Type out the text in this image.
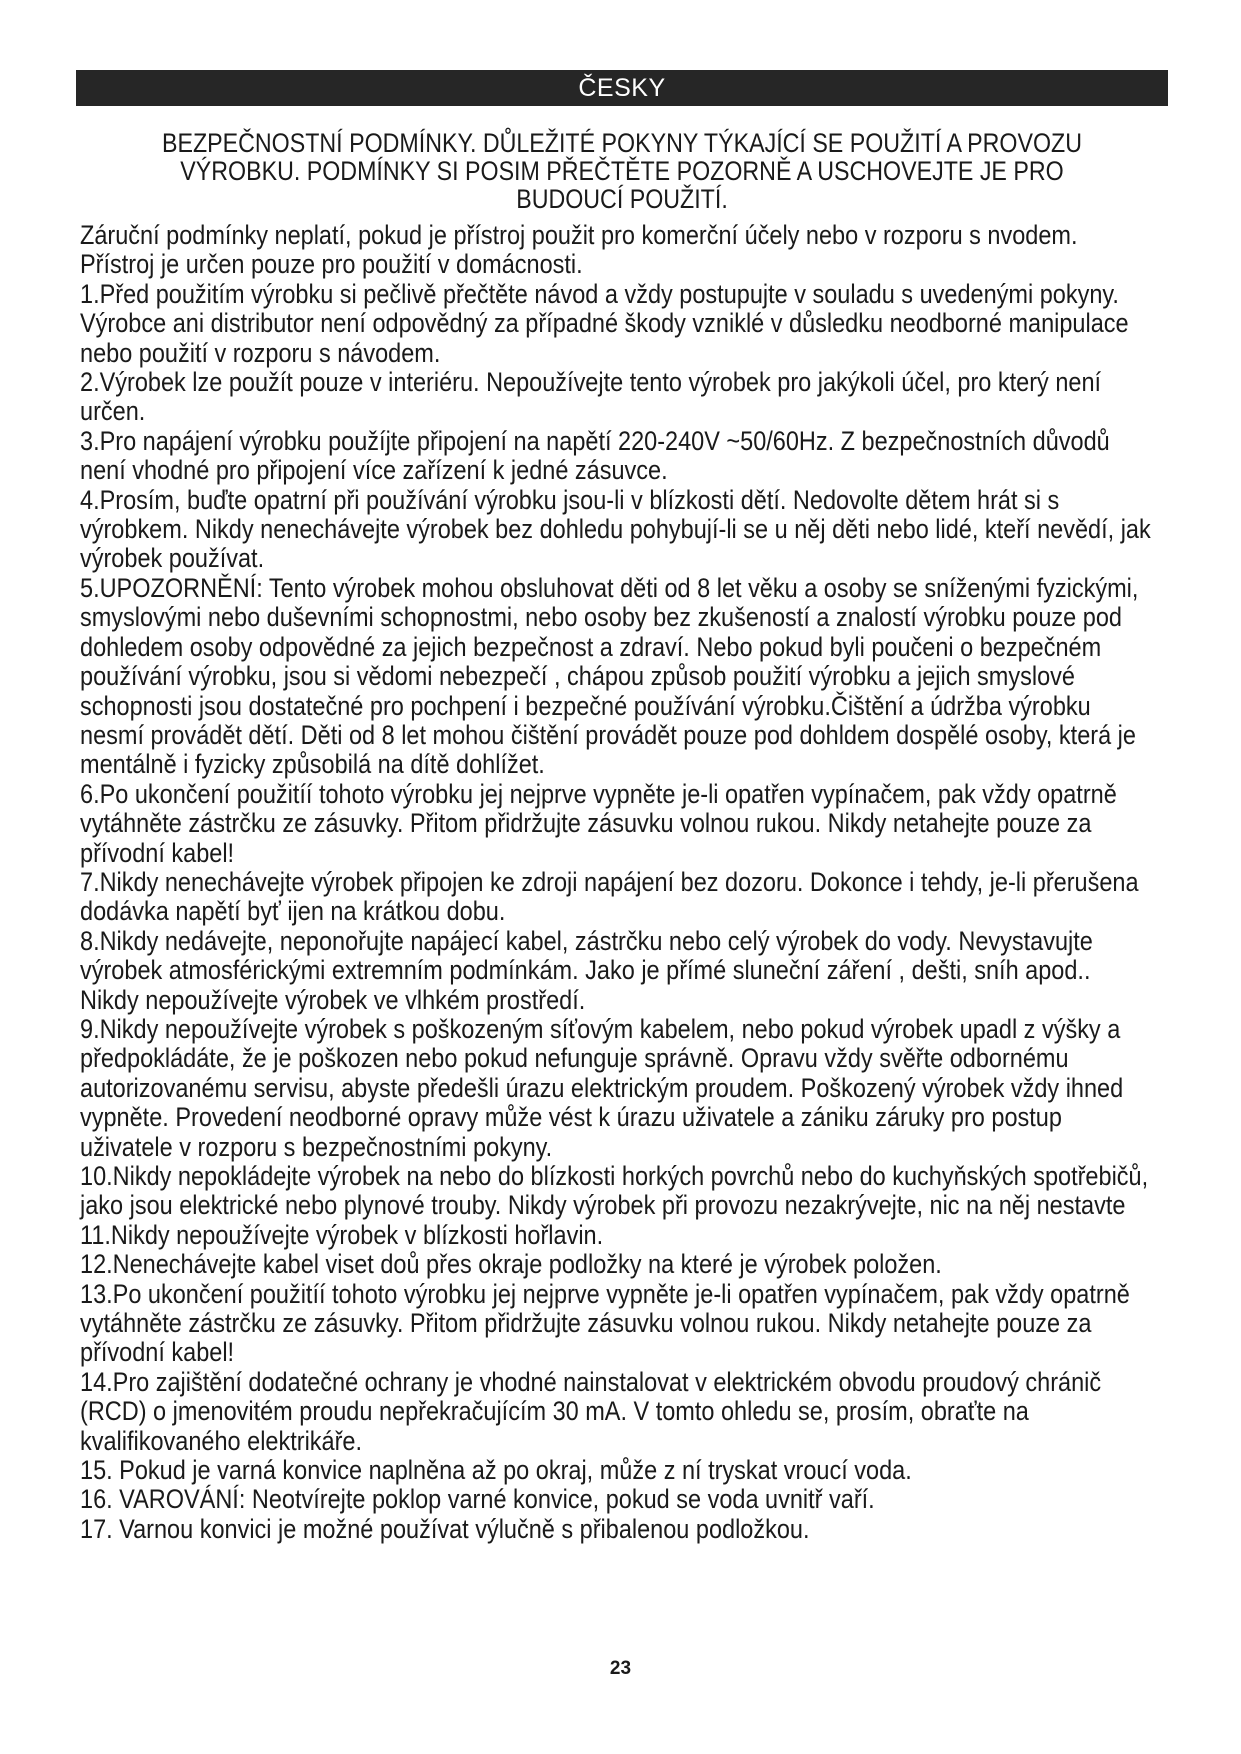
ČESKY
BEZPEČNOSTNÍ PODMÍNKY. DŮLEŽITÉ POKYNY TÝKAJÍCÍ SE POUŽITÍ A PROVOZU VÝROBKU. PODMÍNKY SI POSIM PŘEČTĚTE POZORNĚ A USCHOVEJTE JE PRO BUDOUCÍ POUŽITÍ.

Záruční podmínky neplatí, pokud je přístroj použit pro komerční účely nebo v rozporu s nvodem. Přístroj je určen pouze pro použití v domácnosti.

1.Před použitím výrobku si pečlivě přečtěte návod a vždy postupujte v souladu s uvedenými pokyny. Výrobce ani distributor není odpovědný za případné škody vzniklé v důsledku neodborné manipulace nebo použití v rozporu s návodem.

2.Výrobek lze použít pouze v interiéru. Nepoužívejte tento výrobek pro jakýkoli účel, pro který není určen.

3.Pro napájení výrobku použíjte připojení na napětí 220-240V ~50/60Hz. Z bezpečnostních důvodů není vhodné pro připojení více zařízení k jedné zásuvce.

4.Prosím, buďte opatrní při používání výrobku jsou-li v blízkosti dětí. Nedovolte dětem hrát si s výrobkem. Nikdy nenechávejte výrobek bez dohledu pohybují-li se u něj děti nebo lidé, kteří nevědí, jak výrobek používat.

5.UPOZORNĚNÍ: Tento výrobek mohou obsluhovat děti od 8 let věku a osoby se sníženými fyzickými, smyslovými nebo duševními schopnostmi, nebo osoby bez zkušeností a znalostí výrobku pouze pod dohledem osoby odpovědné za jejich bezpečnost a zdraví. Nebo pokud byli poučeni o bezpečném používání výrobku, jsou si vědomi nebezpečí , chápou způsob použití výrobku a jejich smyslové schopnosti jsou dostatečné pro pochpení i bezpečné používání výrobku.Čištění a údržba výrobku nesmí provádět dětí. Děti od 8 let mohou čištění provádět pouze pod dohldem dospělé osoby, která je mentálně i fyzicky způsobilá na dítě dohlížet.

6.Po ukončení použitíí tohoto výrobku jej nejprve vypněte je-li opatřen vypínačem, pak vždy opatrně vytáhněte zástrčku ze zásuvky. Přitom přidržujte zásuvku volnou rukou. Nikdy netahejte pouze za přívodní kabel!

7.Nikdy nenechávejte výrobek připojen ke zdroji napájení bez dozoru. Dokonce i tehdy, je-li přerušena dodávka napětí byť ijen na krátkou dobu.

8.Nikdy nedávejte, neponořujte napájecí kabel, zástrčku nebo celý výrobek do vody. Nevystavujte výrobek atmosférickými extremním podmínkám. Jako je přímé sluneční záření , dešti, sníh apod.. Nikdy nepoužívejte výrobek ve vlhkém prostředí.

9.Nikdy nepoužívejte výrobek s poškozeným síťovým kabelem, nebo pokud výrobek upadl z výšky a předpokládáte, že je poškozen nebo pokud nefunguje správně. Opravu vždy svěřte odbornému autorizovanému servisu, abyste předešli úrazu elektrickým proudem. Poškozený výrobek vždy ihned vypněte. Provedení neodborné opravy může vést k úrazu uživatele a zániku záruky pro postup uživatele v rozporu s bezpečnostními pokyny.

10.Nikdy nepokládejte výrobek na nebo do blízkosti horkých povrchů nebo do kuchyňských spotřebičů, jako jsou elektrické nebo plynové trouby. Nikdy výrobek při provozu nezakrývejte, nic na něj nestavte

11.Nikdy nepoužívejte výrobek v blízkosti hořlavin.

12.Nenechávejte kabel viset doů přes okraje podložky na které je výrobek položen.

13.Po ukončení použitíí tohoto výrobku jej nejprve vypněte je-li opatřen vypínačem, pak vždy opatrně vytáhněte zástrčku ze zásuvky. Přitom přidržujte zásuvku volnou rukou. Nikdy netahejte pouze za přívodní kabel!

14.Pro zajištění dodatečné ochrany je vhodné nainstalovat v elektrickém obvodu proudový chránič (RCD) o jmenovitém proudu nepřekračujícím 30 mA. V tomto ohledu se, prosím, obraťte na kvalifikovaného elektrikáře.

15. Pokud je varná konvice naplněna až po okraj, může z ní tryskat vroucí voda.

16. VAROVÁNÍ: Neotvírejte poklop varné konvice, pokud se voda uvnitř vaří.

17. Varnou konvici je možné používat výlučně s přibalenou podložkou.

23
